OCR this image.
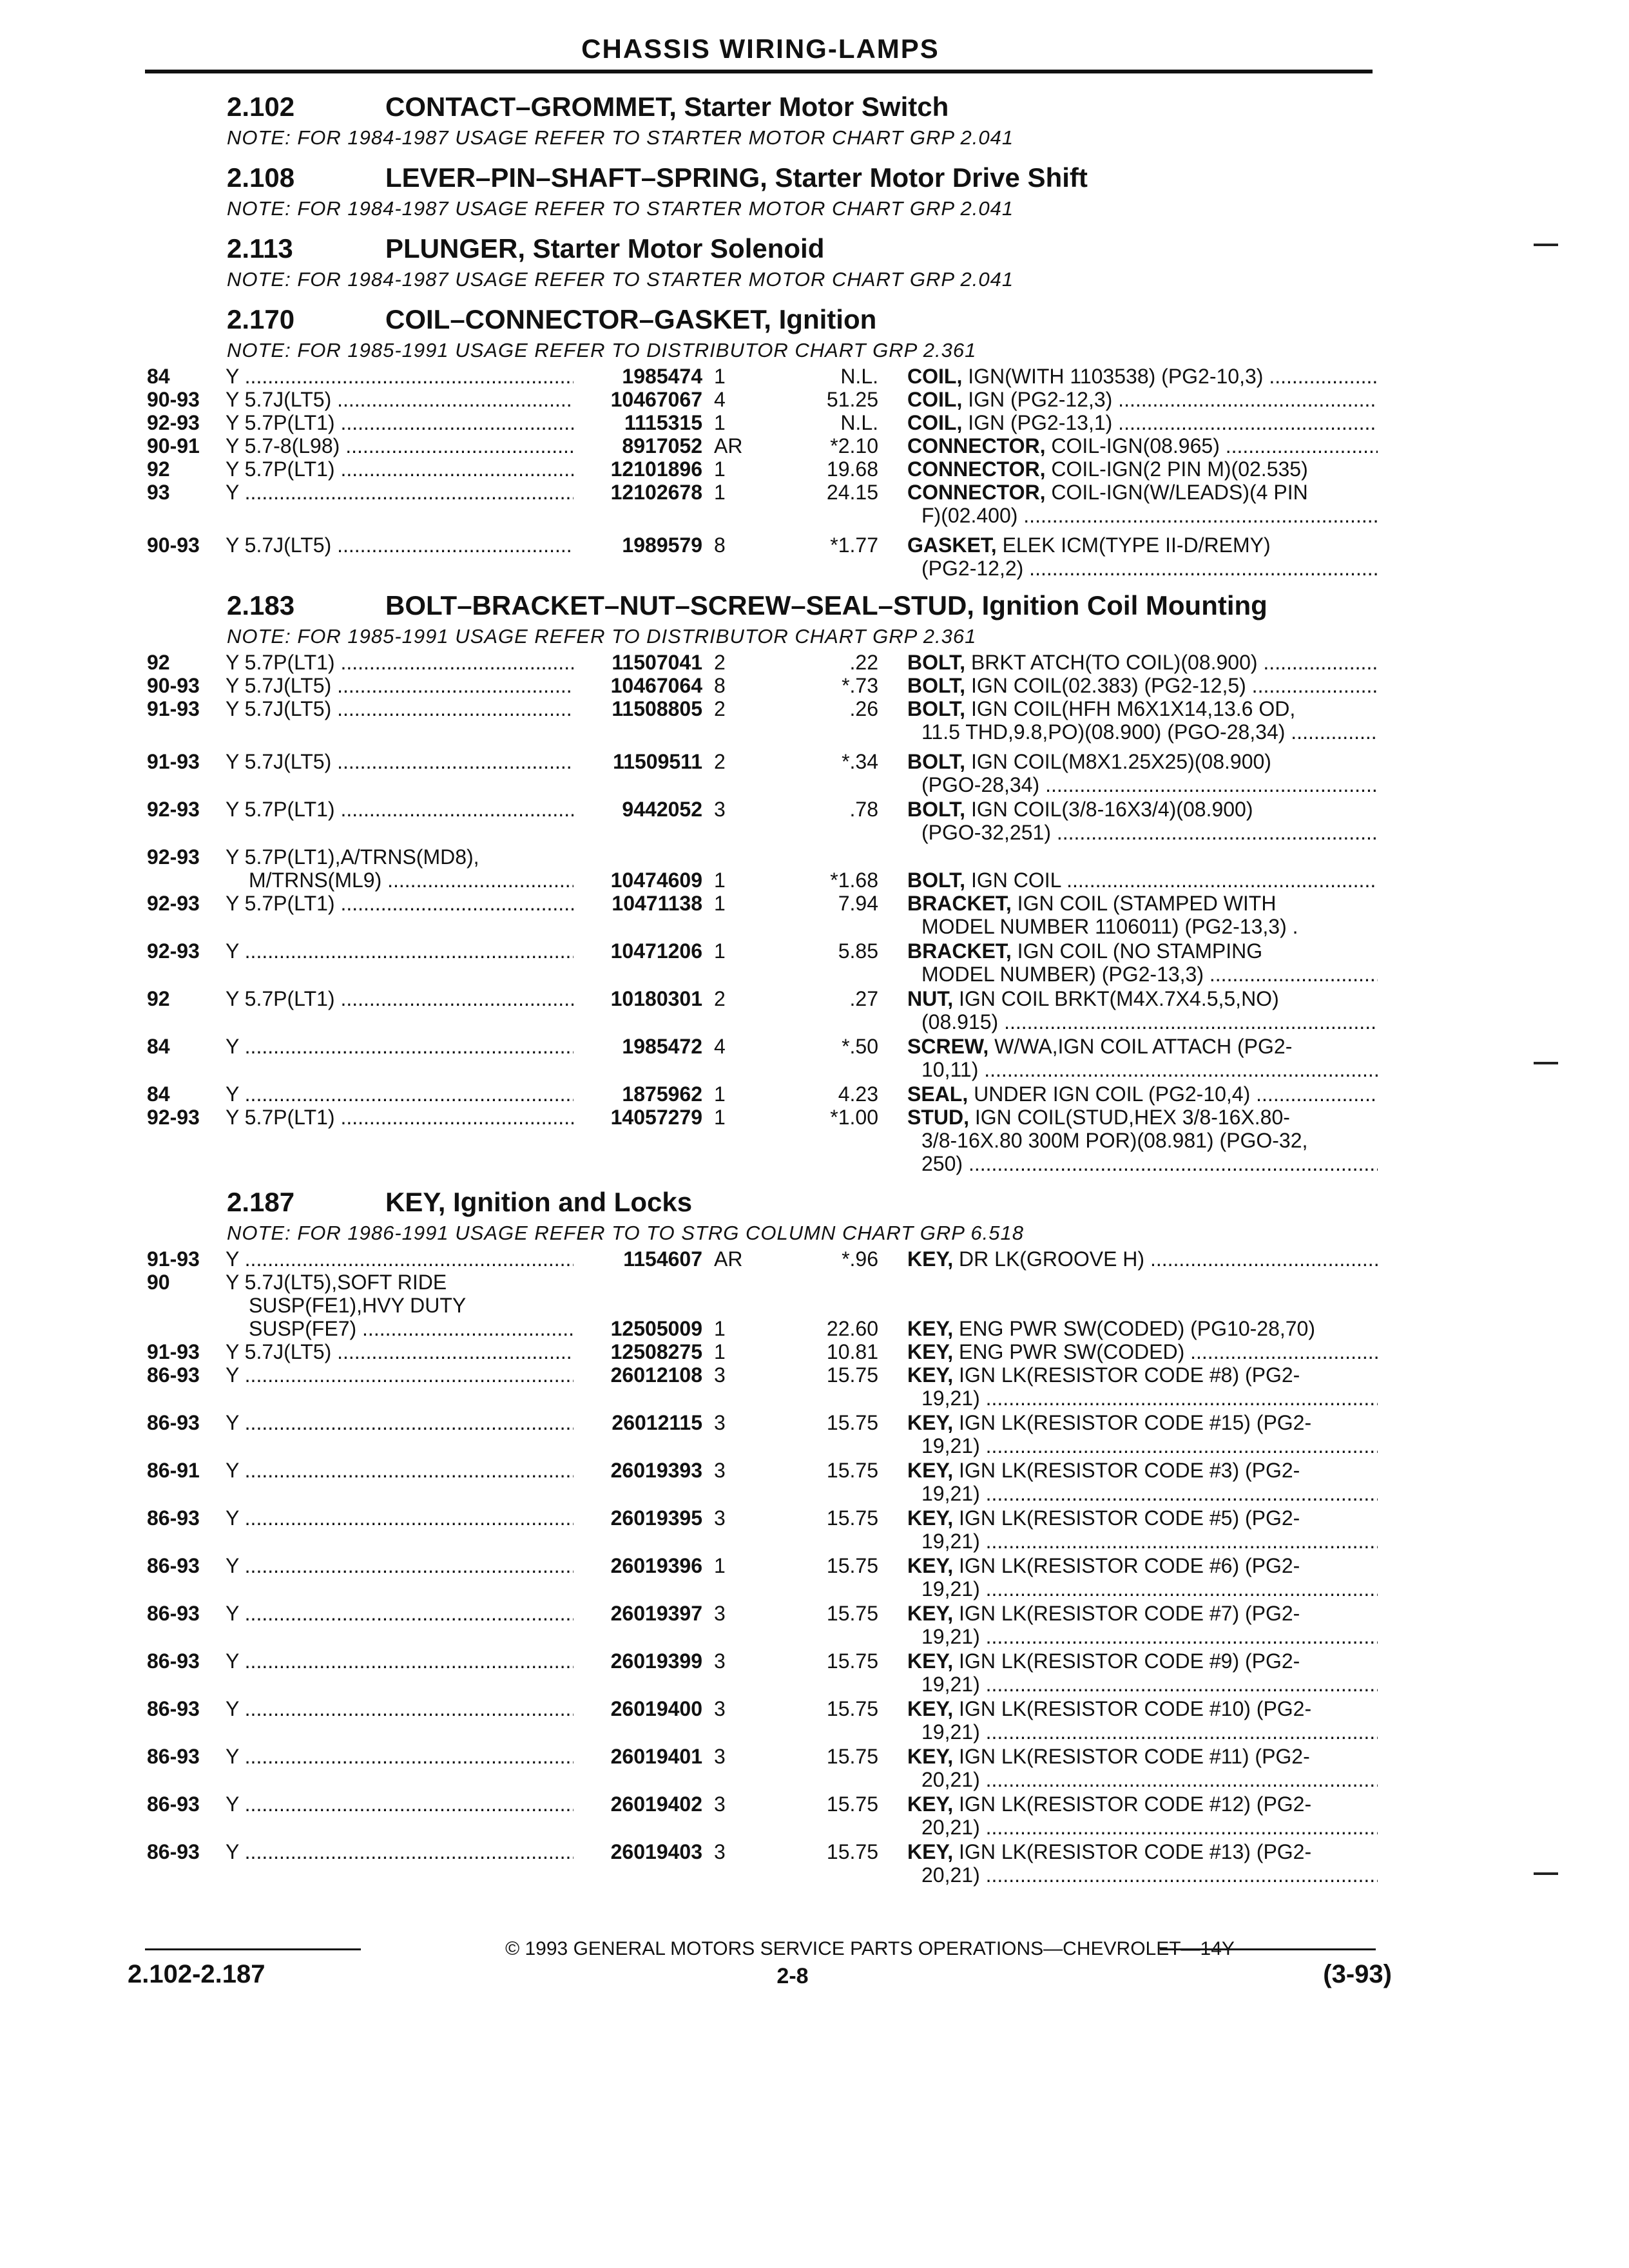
CHASSIS WIRING-LAMPS
2.102	CONTACT–GROMMET, Starter Motor Switch
NOTE: FOR 1984-1987 USAGE REFER TO STARTER MOTOR CHART GRP 2.041
2.108	LEVER–PIN–SHAFT–SPRING, Starter Motor Drive Shift
NOTE: FOR 1984-1987 USAGE REFER TO STARTER MOTOR CHART GRP 2.041
2.113	PLUNGER, Starter Motor Solenoid
NOTE: FOR 1984-1987 USAGE REFER TO STARTER MOTOR CHART GRP 2.041
2.170	COIL–CONNECTOR–GASKET, Ignition
NOTE: FOR 1985-1991 USAGE REFER TO DISTRIBUTOR CHART GRP 2.361
84	Y .....	1985474 1	N.L. COIL, IGN(WITH 1103538) (PG2-10,3) .....
90-93 Y 5.7J(LT5) .....	10467067 4	51.25 COIL, IGN (PG2-12,3) .....
92-93 Y 5.7P(LT1) .....	1115315 1	N.L. COIL, IGN (PG2-13,1) .....
90-91 Y 5.7-8(L98) .....	8917052 AR	*2.10 CONNECTOR, COIL-IGN(08.965) .....
92	Y 5.7P(LT1) .....	12101896 1	19.68 CONNECTOR, COIL-IGN(2 PIN M)(02.535)
93	Y .....	12102678 1	24.15 CONNECTOR, COIL-IGN(W/LEADS)(4 PIN
F)(02.400) .....
90-93 Y 5.7J(LT5) .....	1989579 8	*1.77 GASKET, ELEK ICM(TYPE II-D/REMY)
(PG2-12,2) .....
2.183	BOLT–BRACKET–NUT–SCREW–SEAL–STUD, Ignition Coil Mounting
NOTE: FOR 1985-1991 USAGE REFER TO DISTRIBUTOR CHART GRP 2.361
92	Y 5.7P(LT1) .....	11507041 2	.22 BOLT, BRKT ATCH(TO COIL)(08.900) .....
90-93 Y 5.7J(LT5) .....	10467064 8	*.73 BOLT, IGN COIL(02.383) (PG2-12,5) .....
91-93 Y 5.7J(LT5) .....	11508805 2	.26 BOLT, IGN COIL(HFH M6X1X14,13.6 OD,
11.5 THD,9.8,PO)(08.900) (PGO-28,34) .....
91-93 Y 5.7J(LT5) .....	11509511 2	*.34 BOLT, IGN COIL(M8X1.25X25)(08.900)
(PGO-28,34) .....
92-93 Y 5.7P(LT1) .....	9442052 3	.78 BOLT, IGN COIL(3/8-16X3/4)(08.900)
(PGO-32,251) .....
92-93 Y 5.7P(LT1),A/TRNS(MD8),
M/TRNS(ML9) .....	10474609 1	*1.68 BOLT, IGN COIL .....
92-93 Y 5.7P(LT1) .....	10471138 1	7.94 BRACKET, IGN COIL (STAMPED WITH
MODEL NUMBER 1106011) (PG2-13,3) .
92-93 Y .....	10471206 1	5.85 BRACKET, IGN COIL (NO STAMPING
MODEL NUMBER) (PG2-13,3) .....
92	Y 5.7P(LT1) .....	10180301 2	.27 NUT, IGN COIL BRKT(M4X.7X4.5,5,NO)
(08.915) .....
84	Y .....	1985472 4	*.50 SCREW, W/WA,IGN COIL ATTACH (PG2-
10,11) .....
84	Y .....	1875962 1	4.23 SEAL, UNDER IGN COIL (PG2-10,4) .....
92-93 Y 5.7P(LT1) .....	14057279 1	*1.00 STUD, IGN COIL(STUD,HEX 3/8-16X.80-
3/8-16X.80 300M POR)(08.981) (PGO-32,
250) .....
2.187	KEY, Ignition and Locks
NOTE: FOR 1986-1991 USAGE REFER TO TO STRG COLUMN CHART GRP 6.518
91-93 Y .....	1154607 AR	*.96 KEY, DR LK(GROOVE H) .....
90	Y 5.7J(LT5),SOFT RIDE
SUSP(FE1),HVY DUTY
SUSP(FE7) .....	12505009 1	22.60 KEY, ENG PWR SW(CODED) (PG10-28,70)
91-93 Y 5.7J(LT5) .....	12508275 1	10.81 KEY, ENG PWR SW(CODED) .....
86-93 Y .....	26012108 3	15.75 KEY, IGN LK(RESISTOR CODE #8) (PG2-
19,21) .....
86-93 Y .....	26012115 3	15.75 KEY, IGN LK(RESISTOR CODE #15) (PG2-
19,21) .....
86-91 Y .....	26019393 3	15.75 KEY, IGN LK(RESISTOR CODE #3) (PG2-
19,21) .....
86-93 Y .....	26019395 3	15.75 KEY, IGN LK(RESISTOR CODE #5) (PG2-
19,21) .....
86-93 Y .....	26019396 1	15.75 KEY, IGN LK(RESISTOR CODE #6) (PG2-
19,21) .....
86-93 Y .....	26019397 3	15.75 KEY, IGN LK(RESISTOR CODE #7) (PG2-
19,21) .....
86-93 Y .....	26019399 3	15.75 KEY, IGN LK(RESISTOR CODE #9) (PG2-
19,21) .....
86-93 Y .....	26019400 3	15.75 KEY, IGN LK(RESISTOR CODE #10) (PG2-
19,21) .....
86-93 Y .....	26019401 3	15.75 KEY, IGN LK(RESISTOR CODE #11) (PG2-
20,21) .....
86-93 Y .....	26019402 3	15.75 KEY, IGN LK(RESISTOR CODE #12) (PG2-
20,21) .....
86-93 Y .....	26019403 3	15.75 KEY, IGN LK(RESISTOR CODE #13) (PG2-
20,21) .....
© 1993 GENERAL MOTORS SERVICE PARTS OPERATIONS—CHEVROLET—14Y
2.102-2.187	2-8	(3-93)
